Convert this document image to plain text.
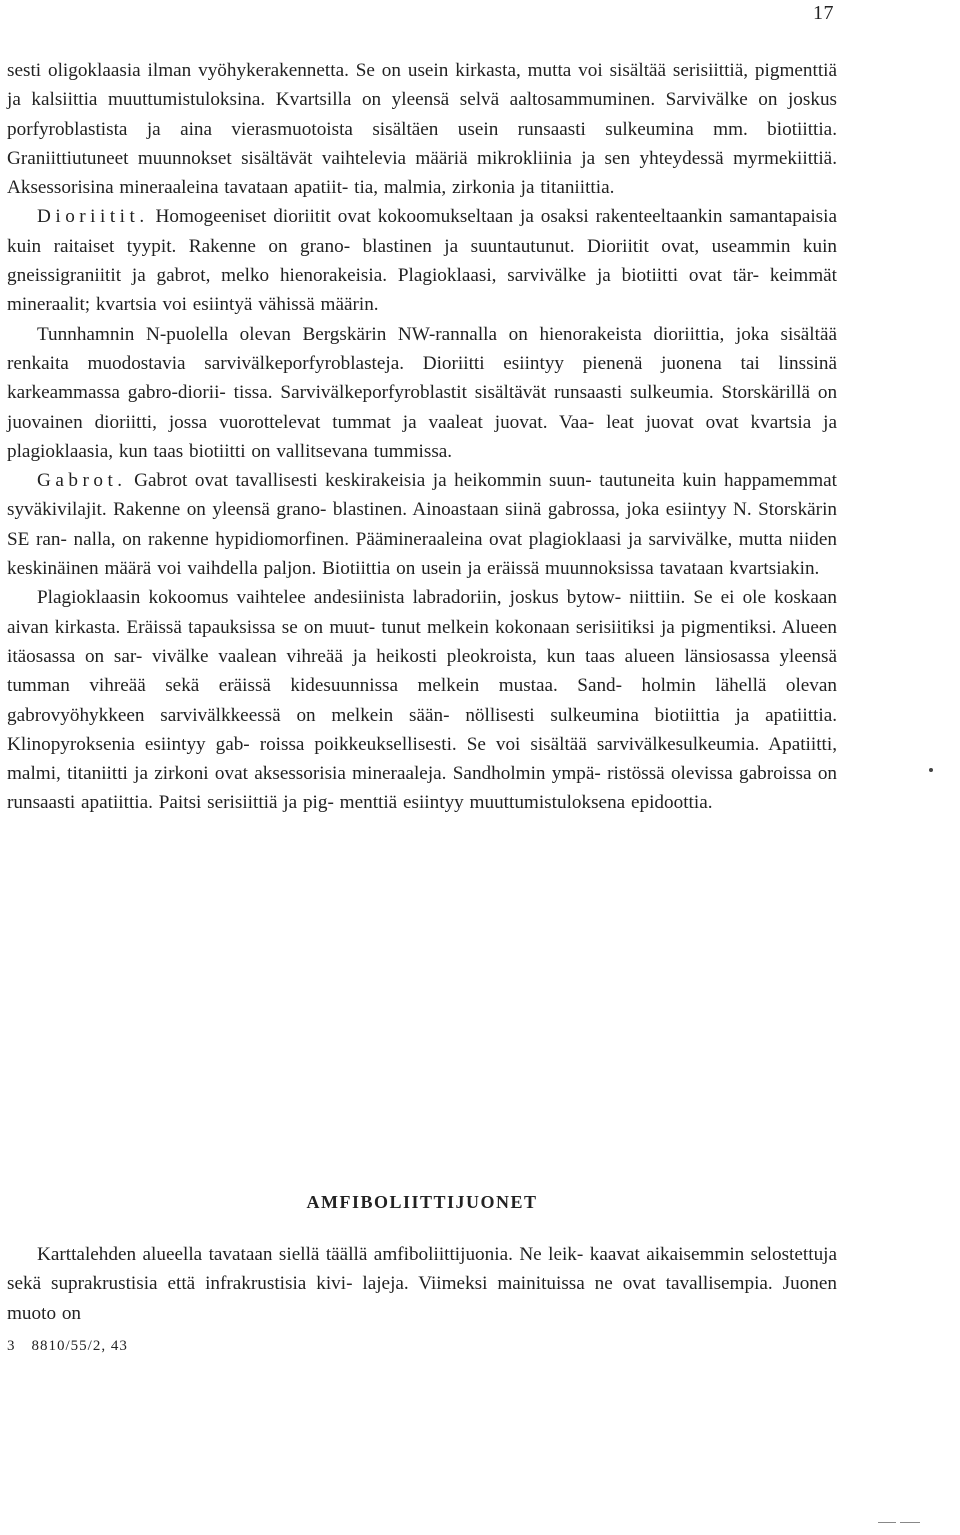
17

sesti oligoklaasia ilman vyöhykerakennetta. Se on usein kirkasta, mutta voi sisältää serisiittiä, pigmenttiä ja kalsiittia muuttumistuloksina. Kvartsilla on yleensä selvä aaltosammuminen. Sarvivälke on joskus porfyroblastista ja aina vierasmuotoista sisältäen usein runsaasti sulkeumina mm. biotiittia. Graniittiutuneet muunnokset sisältävät vaihtelevia määriä mikrokliinia ja sen yhteydessä myrmekiittiä. Aksessorisina mineraaleina tavataan apatiit- tia, malmia, zirkonia ja titaniittia.

Dioriitit. Homogeeniset dioriitit ovat kokoomukseltaan ja osaksi rakenteeltaankin samantapaisia kuin raitaiset tyypit. Rakenne on grano- blastinen ja suuntautunut. Dioriitit ovat, useammin kuin gneissigraniitit ja gabrot, melko hienorakeisia. Plagioklaasi, sarvivälke ja biotiitti ovat tär- keimmät mineraalit; kvartsia voi esiintyä vähissä määrin.

Tunnhamnin N-puolella olevan Bergskärin NW-rannalla on hienorakeista dioriittia, joka sisältää renkaita muodostavia sarvivälkeporfyroblasteja. Dioriitti esiintyy pienenä juonena tai linssinä karkeammassa gabro-diorii- tissa. Sarvivälkeporfyroblastit sisältävät runsaasti sulkeumia. Storskärillä on juovainen dioriitti, jossa vuorottelevat tummat ja vaaleat juovat. Vaa- leat juovat ovat kvartsia ja plagioklaasia, kun taas biotiitti on vallitsevana tummissa.

Gabrot. Gabrot ovat tavallisesti keskirakeisia ja heikommin suun- tautuneita kuin happamemmat syväkivilajit. Rakenne on yleensä grano- blastinen. Ainoastaan siinä gabrossa, joka esiintyy N. Storskärin SE ran- nalla, on rakenne hypidiomorfinen. Päämineraaleina ovat plagioklaasi ja sarvivälke, mutta niiden keskinäinen määrä voi vaihdella paljon. Biotiittia on usein ja eräissä muunnoksissa tavataan kvartsiakin.

Plagioklaasin kokoomus vaihtelee andesiinista labradoriin, joskus bytow- niittiin. Se ei ole koskaan aivan kirkasta. Eräissä tapauksissa se on muut- tunut melkein kokonaan serisiitiksi ja pigmentiksi. Alueen itäosassa on sar- vivälke vaalean vihreää ja heikosti pleokroista, kun taas alueen länsiosassa yleensä tumman vihreää sekä eräissä kidesuunnissa melkein mustaa. Sand- holmin lähellä olevan gabrovyöhykkeen sarvivälkkeessä on melkein sään- nöllisesti sulkeumina biotiittia ja apatiittia. Klinopyroksenia esiintyy gab- roissa poikkeuksellisesti. Se voi sisältää sarvivälkesulkeumia. Apatiitti, malmi, titaniitti ja zirkoni ovat aksessorisia mineraaleja. Sandholmin ympä- ristössä olevissa gabroissa on runsaasti apatiittia. Paitsi serisiittiä ja pig- menttiä esiintyy muuttumistuloksena epidoottia.

AMFIBOLIITTIJUONET

Karttalehden alueella tavataan siellä täällä amfiboliittijuonia. Ne leik- kaavat aikaisemmin selostettuja sekä suprakrustisia että infrakrustisia kivi- lajeja. Viimeksi mainituissa ne ovat tavallisempia. Juonen muoto on

3 8810/55/2, 43
